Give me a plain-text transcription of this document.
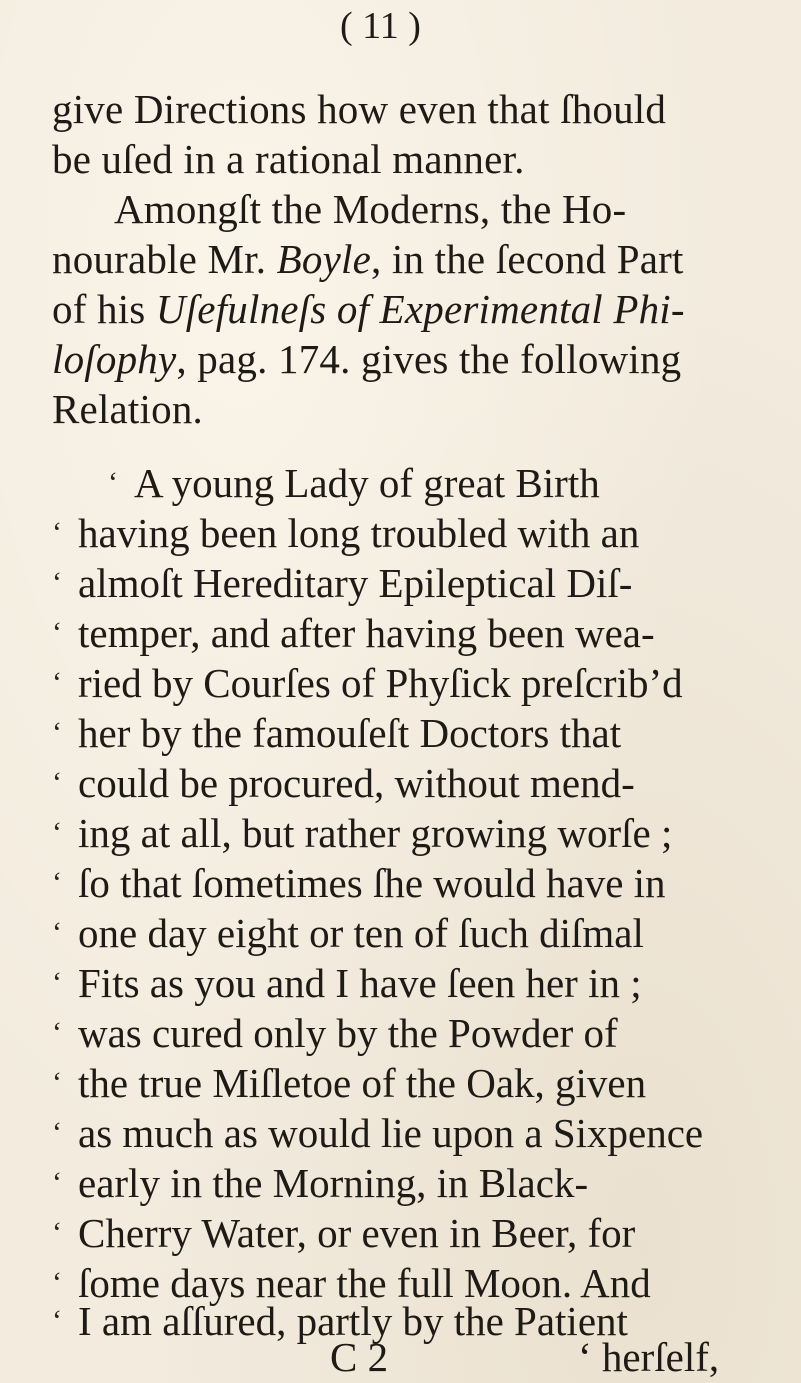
( 11 )
give Directions how even that ſhould
be uſed in a rational manner.
Amongſt the Moderns, the Ho-
nourable Mr. Boyle, in the ſecond Part
of his Uſefulneſs of Experimental Phi-
loſophy, pag. 174. gives the following
Relation.
‘ A young Lady of great Birth
‘ having been long troubled with an
‘ almoſt Hereditary Epileptical Diſ-
‘ temper, and after having been wea-
‘ ried by Courſes of Phyſick preſcrib’d
‘ her by the famouſeſt Doctors that
‘ could be procured, without mend-
‘ ing at all, but rather growing worſe ;
‘ ſo that ſometimes ſhe would have in
‘ one day eight or ten of ſuch diſmal
‘ Fits as you and I have ſeen her in ;
‘ was cured only by the Powder of
‘ the true Miſletoe of the Oak, given
‘ as much as would lie upon a Sixpence
‘ early in the Morning, in Black-
‘ Cherry Water, or even in Beer, for
‘ ſome days near the full Moon. And
‘ I am aſſured, partly by the Patient
C 2	‘ herſelf,
